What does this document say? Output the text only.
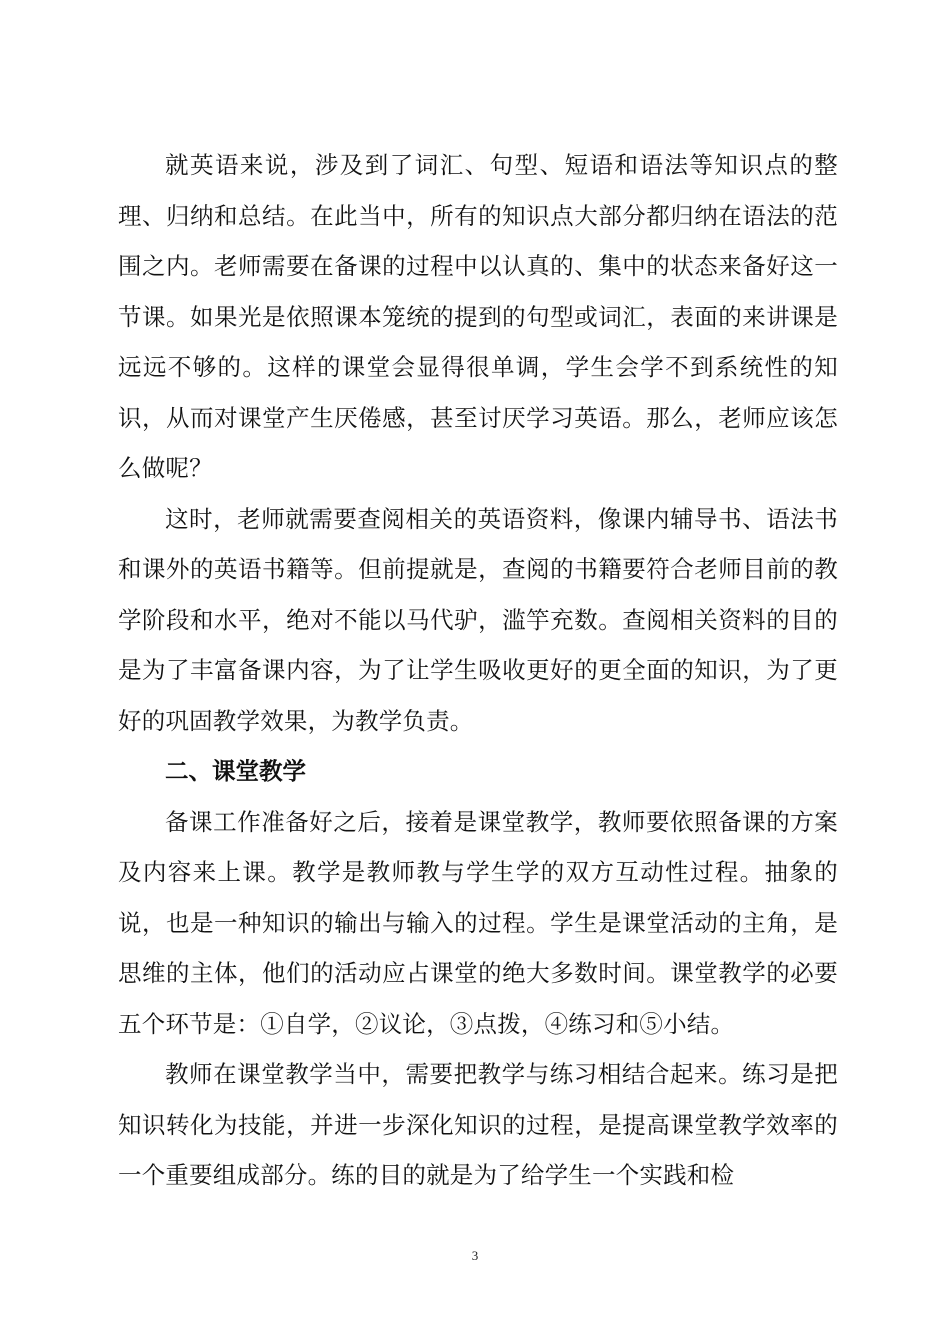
就英语来说，涉及到了词汇、句型、短语和语法等知识点的整理、归纳和总结。在此当中，所有的知识点大部分都归纳在语法的范围之内。老师需要在备课的过程中以认真的、集中的状态来备好这一节课。如果光是依照课本笼统的提到的句型或词汇，表面的来讲课是远远不够的。这样的课堂会显得很单调，学生会学不到系统性的知识，从而对课堂产生厌倦感，甚至讨厌学习英语。那么，老师应该怎么做呢？

这时，老师就需要查阅相关的英语资料，像课内辅导书、语法书和课外的英语书籍等。但前提就是，查阅的书籍要符合老师目前的教学阶段和水平，绝对不能以马代驴，滥竽充数。查阅相关资料的目的是为了丰富备课内容，为了让学生吸收更好的更全面的知识，为了更好的巩固教学效果，为教学负责。

二、课堂教学

备课工作准备好之后，接着是课堂教学，教师要依照备课的方案及内容来上课。教学是教师教与学生学的双方互动性过程。抽象的说，也是一种知识的输出与输入的过程。学生是课堂活动的主角，是思维的主体，他们的活动应占课堂的绝大多数时间。课堂教学的必要五个环节是：①自学，②议论，③点拨，④练习和⑤小结。

教师在课堂教学当中，需要把教学与练习相结合起来。练习是把知识转化为技能，并进一步深化知识的过程，是提高课堂教学效率的一个重要组成部分。练的目的就是为了给学生一个实践和检

3
